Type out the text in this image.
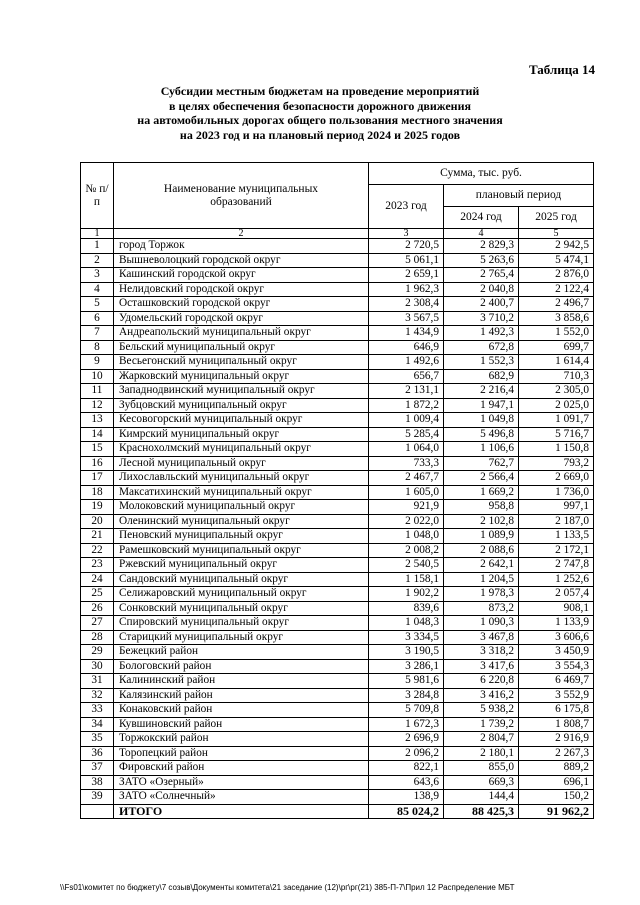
Таблица 14
Субсидии местным бюджетам на проведение мероприятий
в целях обеспечения безопасности дорожного движения
на автомобильных дорогах общего пользования местного значения
на 2023 год и на плановый период 2024 и 2025 годов
№ п/п	Наименование муниципальных образований	Сумма, тыс. руб.		
		2023 год	плановый период	
			2024 год	2025 год
1	2	3	4	5
1	город Торжок	2 720,5	2 829,3	2 942,5
2	Вышневолоцкий городской округ	5 061,1	5 263,6	5 474,1
3	Кашинский городской округ	2 659,1	2 765,4	2 876,0
4	Нелидовский городской округ	1 962,3	2 040,8	2 122,4
5	Осташковский городской округ	2 308,4	2 400,7	2 496,7
6	Удомельский городской округ	3 567,5	3 710,2	3 858,6
7	Андреапольский муниципальный округ	1 434,9	1 492,3	1 552,0
8	Бельский муниципальный округ	646,9	672,8	699,7
9	Весьегонский муниципальный округ	1 492,6	1 552,3	1 614,4
10	Жарковский муниципальный округ	656,7	682,9	710,3
11	Западнодвинский муниципальный округ	2 131,1	2 216,4	2 305,0
12	Зубцовский муниципальный округ	1 872,2	1 947,1	2 025,0
13	Кесовогорский муниципальный округ	1 009,4	1 049,8	1 091,7
14	Кимрский муниципальный округ	5 285,4	5 496,8	5 716,7
15	Краснохолмский муниципальный округ	1 064,0	1 106,6	1 150,8
16	Лесной муниципальный округ	733,3	762,7	793,2
17	Лихославльский муниципальный округ	2 467,7	2 566,4	2 669,0
18	Максатихинский муниципальный округ	1 605,0	1 669,2	1 736,0
19	Молоковский муниципальный округ	921,9	958,8	997,1
20	Оленинский муниципальный округ	2 022,0	2 102,8	2 187,0
21	Пеновский муниципальный округ	1 048,0	1 089,9	1 133,5
22	Рамешковский муниципальный округ	2 008,2	2 088,6	2 172,1
23	Ржевский муниципальный округ	2 540,5	2 642,1	2 747,8
24	Сандовский муниципальный округ	1 158,1	1 204,5	1 252,6
25	Селижаровский муниципальный округ	1 902,2	1 978,3	2 057,4
26	Сонковский муниципальный округ	839,6	873,2	908,1
27	Спировский муниципальный округ	1 048,3	1 090,3	1 133,9
28	Старицкий муниципальный округ	3 334,5	3 467,8	3 606,6
29	Бежецкий район	3 190,5	3 318,2	3 450,9
30	Бологовский район	3 286,1	3 417,6	3 554,3
31	Калининский район	5 981,6	6 220,8	6 469,7
32	Калязинский район	3 284,8	3 416,2	3 552,9
33	Конаковский район	5 709,8	5 938,2	6 175,8
34	Кувшиновский район	1 672,3	1 739,2	1 808,7
35	Торжокский район	2 696,9	2 804,7	2 916,9
36	Торопецкий район	2 096,2	2 180,1	2 267,3
37	Фировский район	822,1	855,0	889,2
38	ЗАТО «Озерный»	643,6	669,3	696,1
39	ЗАТО «Солнечный»	138,9	144,4	150,2
	ИТОГО	85 024,2	88 425,3	91 962,2
\\Fs01\комитет по бюджету\7 созыв\Документы комитета\21 заседание (12)\рг\рг(21) 385-П-7\Прил 12 Распределение МБТ
